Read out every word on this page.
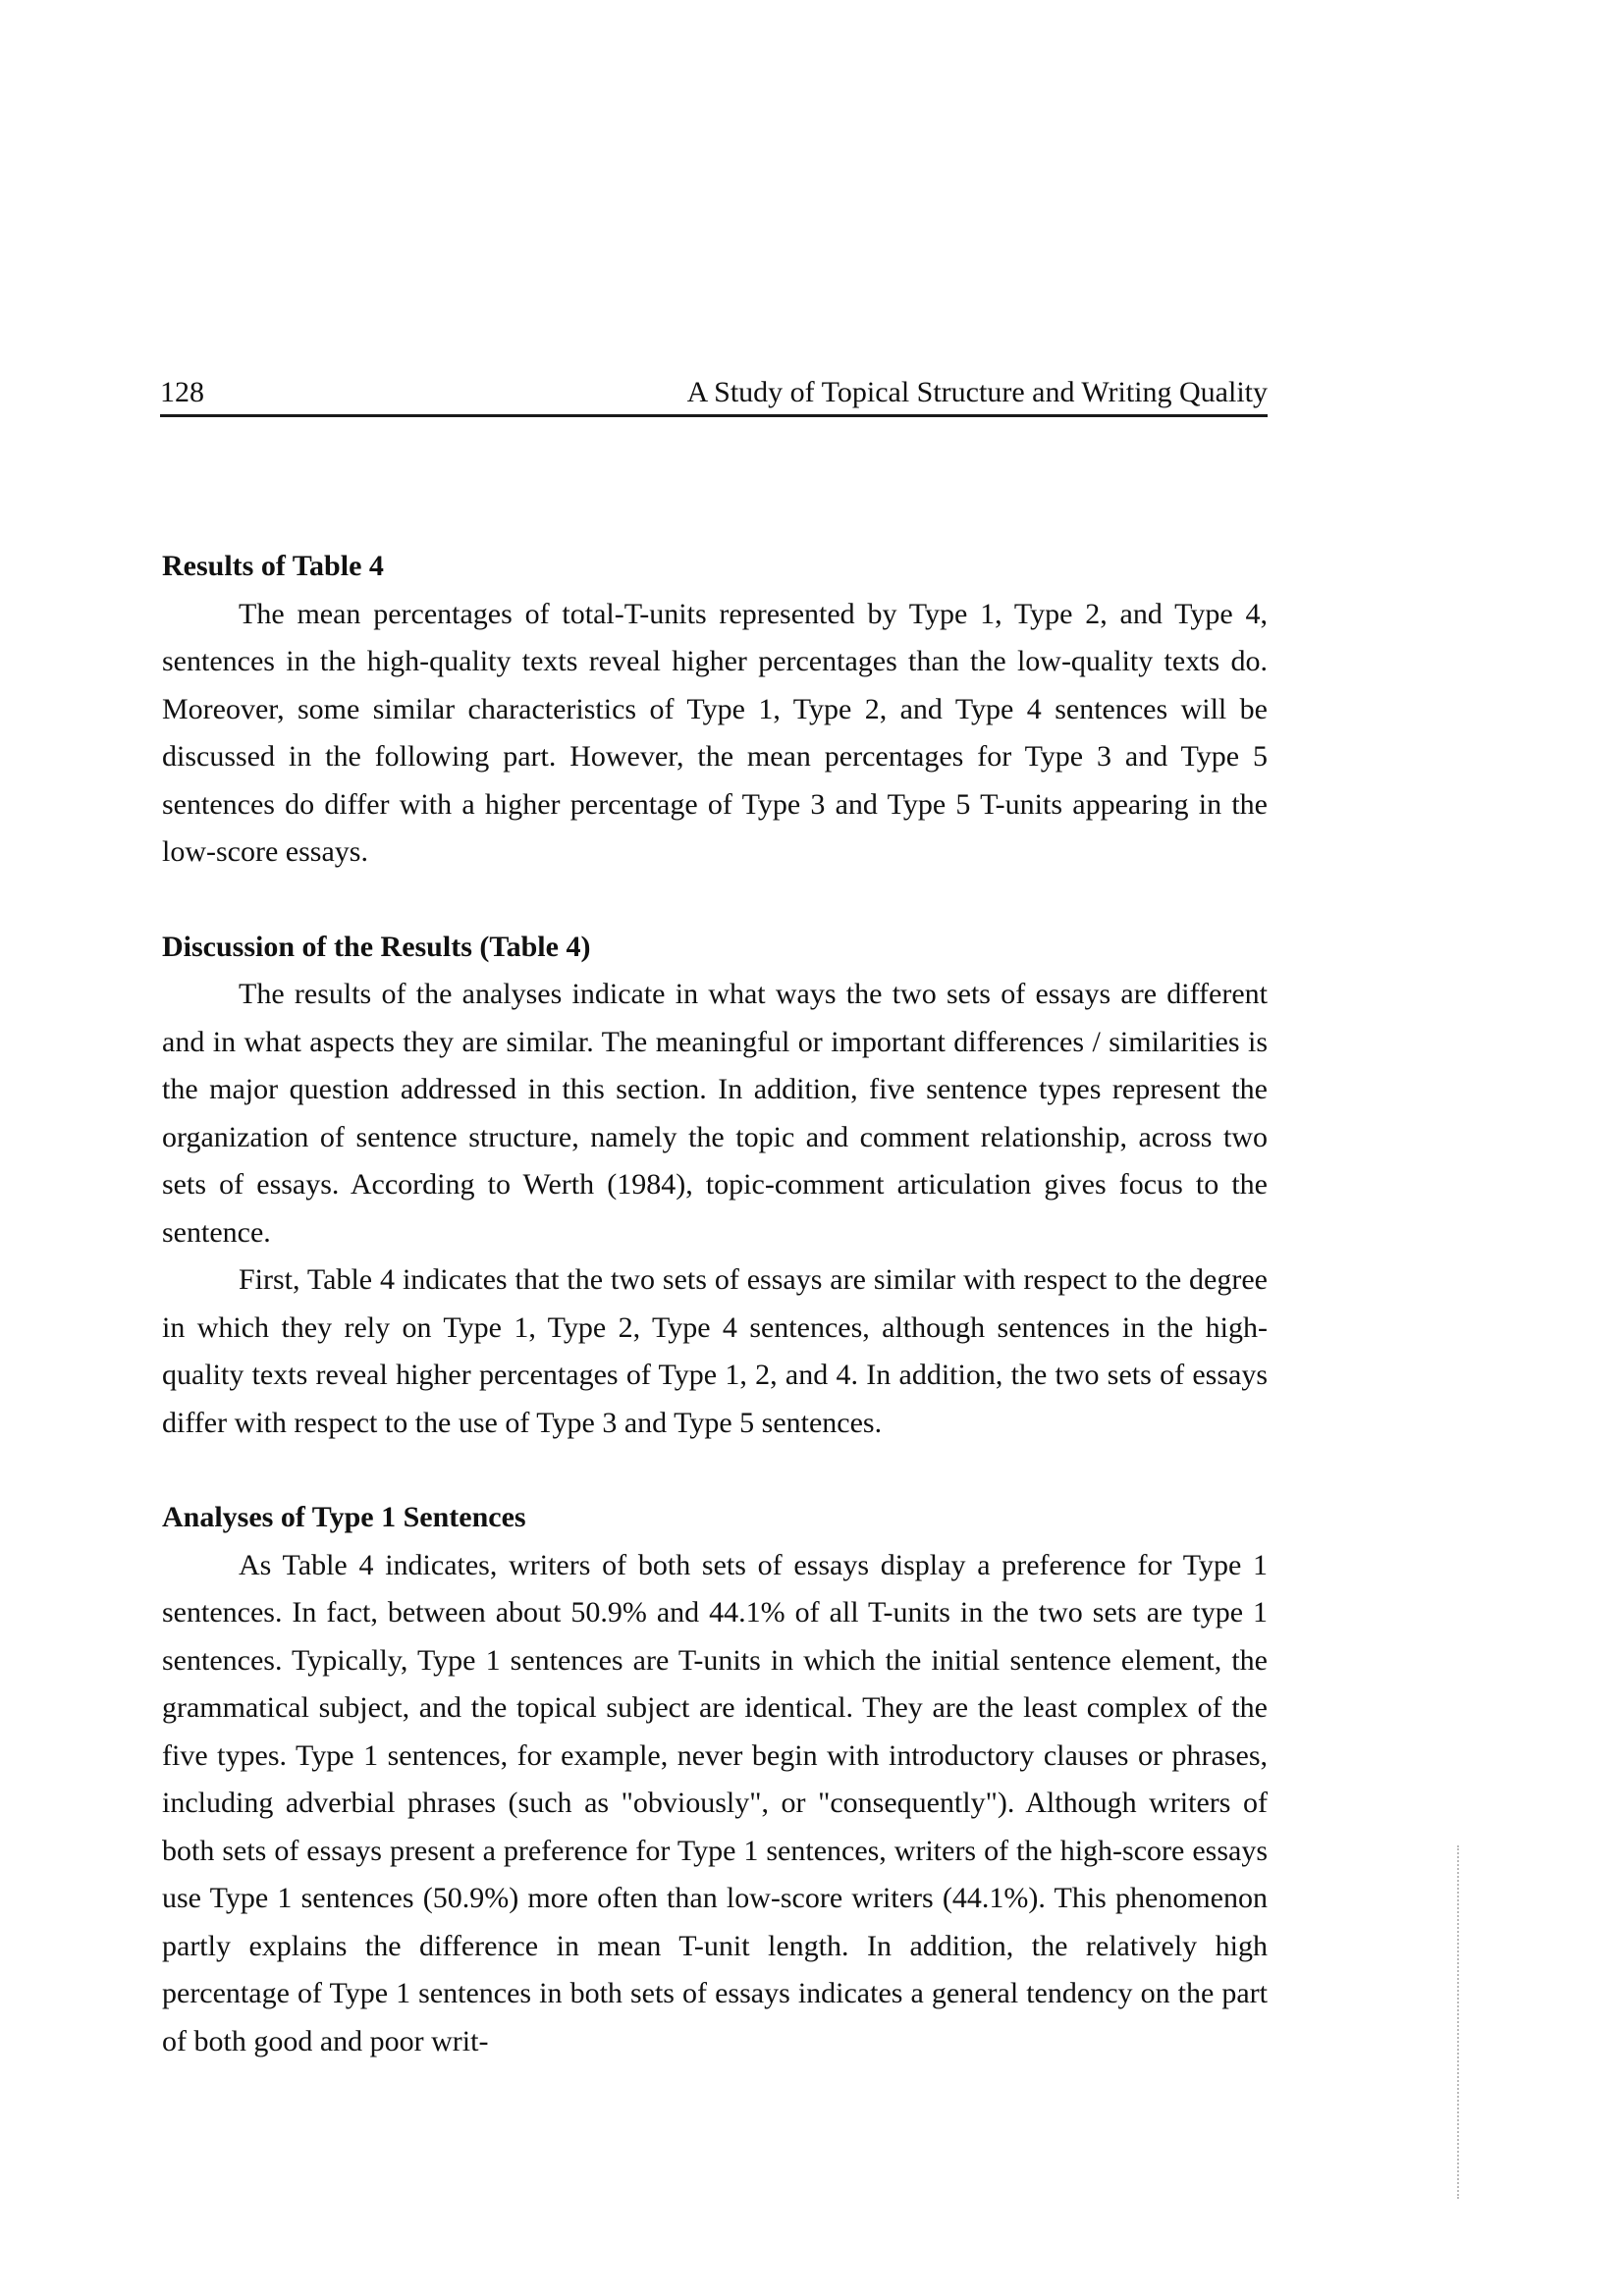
128	A Study of Topical Structure and Writing Quality
Results of Table 4

The mean percentages of total-T-units represented by Type 1, Type 2, and Type 4, sentences in the high-quality texts reveal higher percentages than the low-quality texts do. Moreover, some similar characteristics of Type 1, Type 2, and Type 4 sentences will be discussed in the following part. However, the mean percentages for Type 3 and Type 5 sentences do differ with a higher percentage of Type 3 and Type 5 T-units appearing in the low-score essays.

Discussion of the Results (Table 4)

The results of the analyses indicate in what ways the two sets of essays are different and in what aspects they are similar. The meaningful or important differences / similarities is the major question addressed in this section. In addition, five sentence types represent the organization of sentence structure, namely the topic and comment relationship, across two sets of essays. According to Werth (1984), topic-comment articulation gives focus to the sentence.

First, Table 4 indicates that the two sets of essays are similar with respect to the degree in which they rely on Type 1, Type 2, Type 4 sentences, although sentences in the high-quality texts reveal higher percentages of Type 1, 2, and 4. In addition, the two sets of essays differ with respect to the use of Type 3 and Type 5 sentences.

Analyses of Type 1 Sentences

As Table 4 indicates, writers of both sets of essays display a preference for Type 1 sentences. In fact, between about 50.9% and 44.1% of all T-units in the two sets are type 1 sentences. Typically, Type 1 sentences are T-units in which the initial sentence element, the grammatical subject, and the topical subject are identical. They are the least complex of the five types. Type 1 sentences, for example, never begin with introductory clauses or phrases, including adverbial phrases (such as "obviously", or "consequently"). Although writers of both sets of essays present a preference for Type 1 sentences, writers of the high-score essays use Type 1 sentences (50.9%) more often than low-score writers (44.1%). This phenomenon partly explains the difference in mean T-unit length. In addition, the relatively high percentage of Type 1 sentences in both sets of essays indicates a general tendency on the part of both good and poor writ-
